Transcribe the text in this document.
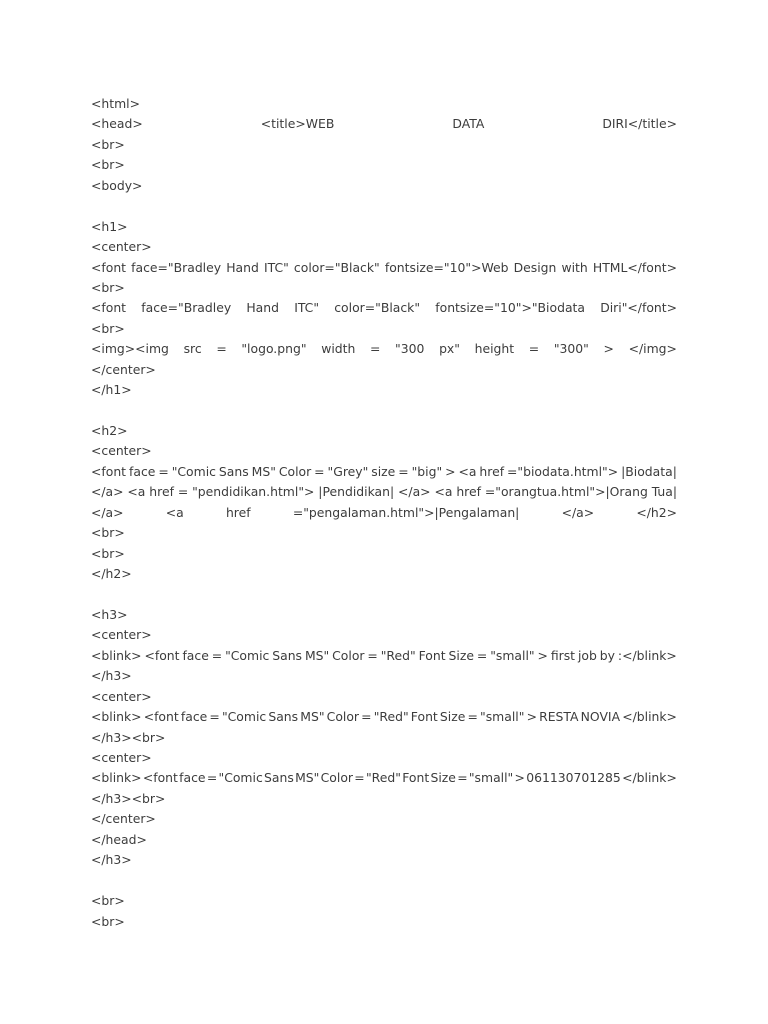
<html>
<head>	<title>WEB	DATA	DIRI</title>
<br>
<br>
<body>
<h1>
<center>
<font face="Bradley Hand ITC" color="Black" fontsize="10">Web Design with HTML</font>
<br>
<font face="Bradley Hand ITC" color="Black" fontsize="10">"Biodata Diri"</font>
<br>
<img><img src = "logo.png" width = "300 px" height = "300" > </img>
</center>
</h1>
<h2>
<center>
<font face = "Comic Sans MS" Color = "Grey" size = "big" > <a href ="biodata.html"> |Biodata|
</a> <a href = "pendidikan.html"> |Pendidikan| </a> <a href ="orangtua.html">|Orang Tua|
</a>	<a	href	="pengalaman.html">|Pengalaman|	</a>	</h2>
<br>
<br>
</h2>
<h3>
<center>
<blink> <font face = "Comic Sans MS" Color = "Red" Font Size = "small" > first job by :</blink>
</h3>
<center>
<blink> <font face = "Comic Sans MS" Color = "Red" Font Size = "small" > RESTA NOVIA </blink>
</h3><br>
<center>
<blink> <font face = "Comic Sans MS" Color = "Red" Font Size = "small" > 061130701285 </blink>
</h3><br>
</center>
</head>
</h3>
<br>
<br>
